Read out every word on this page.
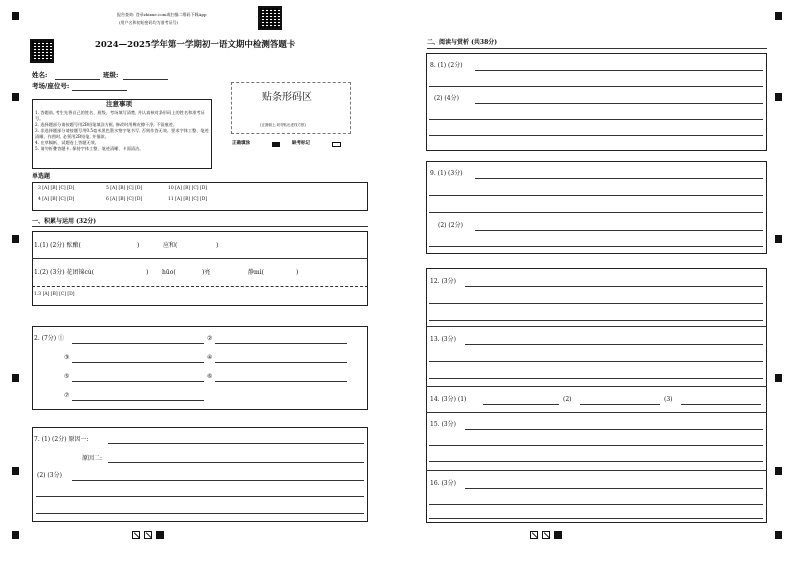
报告查询: 登录zhixue.com或扫描二维码下载App
(用户名和初始密码均为准考证号)
2024—2025学年第一学期初一语文期中检测答题卡
姓名:	班级:
考场/座位号:
贴条形码区
(正面朝上,切勿贴出虚线方框)
正确填涂	缺考标记
注意事项
1. 答题前, 考生先将自己的姓名、班级、考场填写清楚, 并认真核对条形码上的姓名和准考证号。
2. 选择题部分请按题号用2B铅笔填涂方框, 修改时用橡皮擦干净, 不留痕迹。
3. 非选择题部分请按题号用0.5毫米黑色墨水签字笔书写, 否则作答无效。要求字体工整、笔迹清晰。作图时, 必须用2B铅笔, 并描浓。
4. 在草稿纸、试题卷上答题无效。
5. 请勿折叠答题卡, 保持字体工整、笔迹清晰、卡面清洁。
单选题
3 [A] [B] [C] [D]	5 [A] [B] [C] [D]	10 [A] [B] [C] [D]
4 [A] [B] [C] [D]	6 [A] [B] [C] [D]	11 [A] [B] [C] [D]
一、积累与运用 (32分)
1.(1) (2分) 酝酿(	)	应和(	)
1.(2) (3分) 花团锦cù(	) hūo(	)亮	静mì(	)
1.3 [A] [B] [C] [D]
2. (7分) ①	②
③	④
⑤	⑥
⑦
7. (1) (2分) 原因一:
原因二:
(2) (3分)
二、阅读与赏析 (共38分)
8. (1) (2分)
(2) (4分)
9. (1) (3分)
(2) (2分)
12. (3分)
13. (3分)
14. (3分) (1)	(2)	(3)
15. (3分)
16. (3分)
